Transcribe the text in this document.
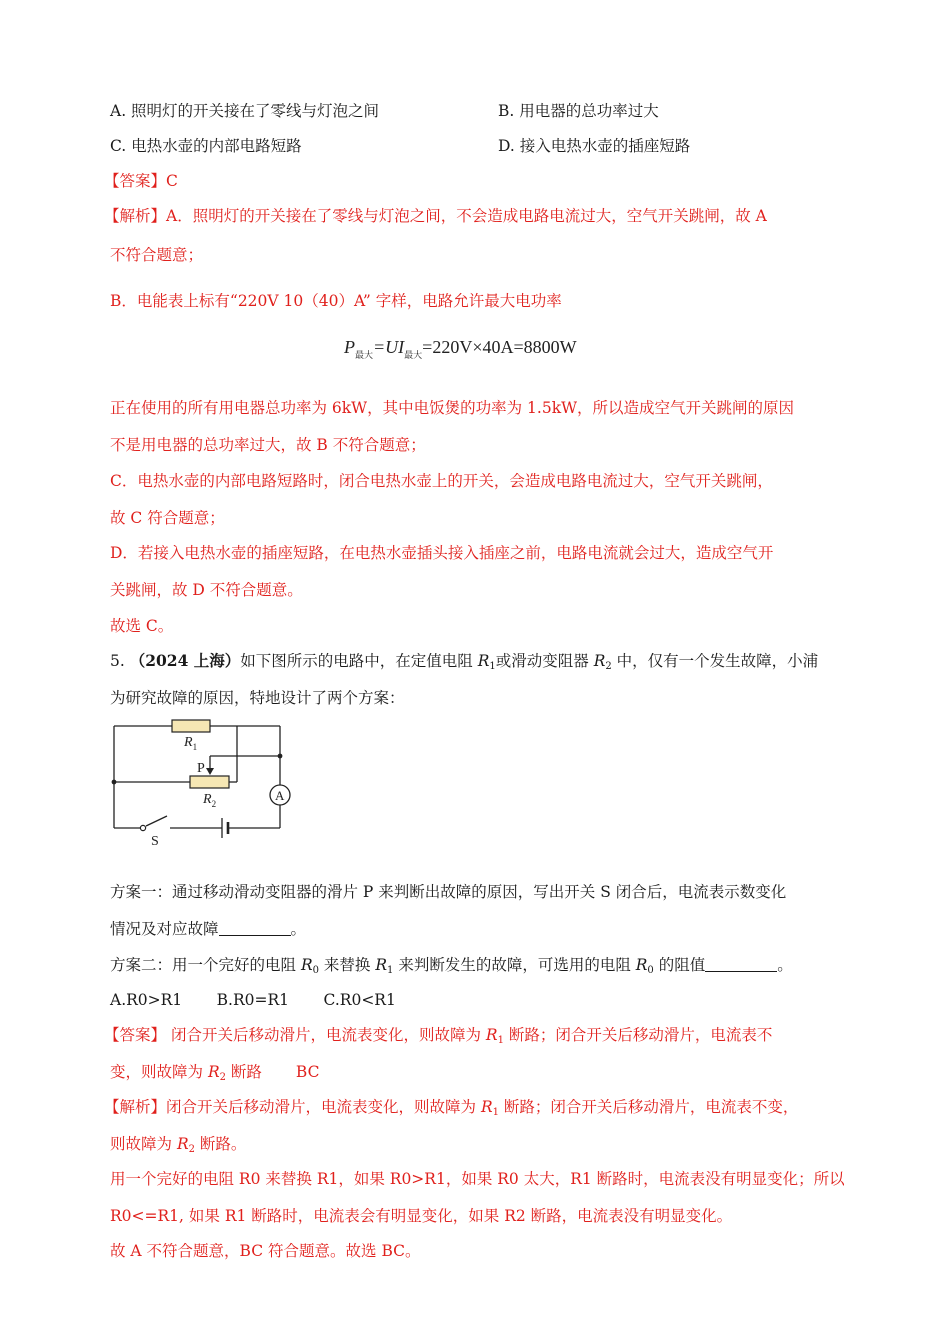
A. 照明灯的开关接在了零线与灯泡之间	B. 用电器的总功率过大
C. 电热水壶的内部电路短路	D. 接入电热水壶的插座短路
【答案】C
【解析】A．照明灯的开关接在了零线与灯泡之间，不会造成电路电流过大，空气开关跳闸，故 A
不符合题意；
B．电能表上标有“220V 10（40）A” 字样，电路允许最大电功率
$P_{最大}=UI_{最大}=220V\times 40A=8800W$
正在使用的所有用电器总功率为 6kW，其中电饭煲的功率为 1.5kW，所以造成空气开关跳闸的原因
不是用电器的总功率过大，故 B 不符合题意；
C．电热水壶的内部电路短路时，闭合电热水壶上的开关，会造成电路电流过大，空气开关跳闸，
故 C 符合题意；
D．若接入电热水壶的插座短路，在电热水壶插头接入插座之前，电路电流就会过大，造成空气开
关跳闸，故 D 不符合题意。
故选 C。
5. （2024 上海）如下图所示的电路中，在定值电阻 $R_1$或滑动变阻器 $R_2$ 中，仅有一个发生故障，小浦
为研究故障的原因，特地设计了两个方案：
$R_1$
$R_2$
P
A
S
方案一：通过移动滑动变阻器的滑片 P 来判断出故障的原因，写出开关 S 闭合后，电流表示数变化
情况及对应故障	。
方案二：用一个完好的电阻 $R_0$ 来替换 $R_1$ 来判断发生的故障，可选用的电阻 $R_0$ 的阻值	。
A.R0>R1 B.R0=R1 C.R0<R1
【答案】 闭合开关后移动滑片，电流表变化，则故障为 $R_1$ 断路；闭合开关后移动滑片，电流表不
变，则故障为 $R_2$ 断路 BC
【解析】闭合开关后移动滑片，电流表变化，则故障为 $R_1$ 断路；闭合开关后移动滑片，电流表不变，
则故障为 $R_2$ 断路。
用一个完好的电阻 R0 来替换 R1，如果 R0>R1，如果 R0 太大，R1 断路时，电流表没有明显变化；所以
R0<=R1, 如果 R1 断路时，电流表会有明显变化，如果 R2 断路，电流表没有明显变化。
故 A 不符合题意，BC 符合题意。故选 BC。
